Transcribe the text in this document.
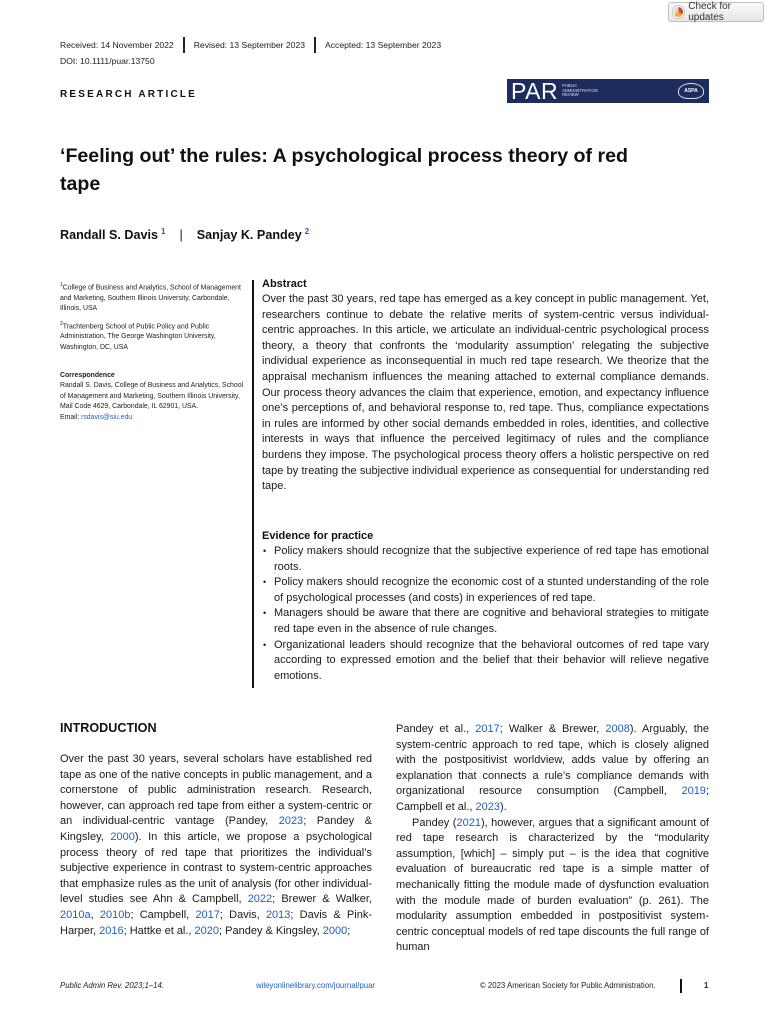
Check for updates
Received: 14 November 2022 Revised: 13 September 2023 Accepted: 13 September 2023
DOI: 10.1111/puar.13750
RESEARCH ARTICLE	PAR PUBLIC ADMINISTRATION REVIEW
ASPA
‘Feeling out’ the rules: A psychological process theory of red tape
Randall S. Davis $^1$ | Sanjay K. Pandey $^2$

$^1$College of Business and Analytics, School of Management and Marketing, Southern Illinois University, Carbondale, Illinois, USA

$^2$Trachtenberg School of Public Policy and Public Administration, The George Washington University, Washington, DC, USA

Correspondence
Randall S. Davis, College of Business and Analytics, School of Management and Marketing, Southern Illinois University, Mail Code 4629, Carbondale, IL 62901, USA.
Email: rsdavis@siu.edu
Abstract
Over the past 30 years, red tape has emerged as a key concept in public management. Yet, researchers continue to debate the relative merits of system-centric versus individual-centric approaches. In this article, we articulate an individual-centric psychological process theory, a theory that confronts the ‘modularity assumption’ relegating the subjective individual experience as inconsequential in much red tape research. We theorize that the appraisal mechanism influences the meaning attached to external compliance demands. Our process theory advances the claim that experience, emotion, and expectancy influence one’s perceptions of, and behavioral response to, red tape. Thus, compliance expectations in rules are informed by other social demands embedded in roles, identities, and collective interests in ways that influence the perceived legitimacy of rules and the compliance burdens they impose. The psychological process theory offers a holistic perspective on red tape by treating the subjective individual experience as consequential for understanding red tape.
Evidence for practice
• Policy makers should recognize that the subjective experience of red tape has emotional roots.
• Policy makers should recognize the economic cost of a stunted understanding of the role of psychological processes (and costs) in experiences of red tape.
• Managers should be aware that there are cognitive and behavioral strategies to mitigate red tape even in the absence of rule changes.
• Organizational leaders should recognize that the behavioral outcomes of red tape vary according to expressed emotion and the belief that their behavior will relieve negative emotions.
INTRODUCTION
Over the past 30 years, several scholars have established red tape as one of the native concepts in public management, and a cornerstone of public administration research. Research, however, can approach red tape from either a system-centric or an individual-centric vantage (Pandey, 2023; Pandey & Kingsley, 2000). In this article, we propose a psychological process theory of red tape that prioritizes the individual’s subjective experience in contrast to system-centric approaches that emphasize rules as the unit of analysis (for other individual-level studies see Ahn & Campbell, 2022; Brewer & Walker, 2010a, 2010b; Campbell, 2017; Davis, 2013; Davis & Pink-Harper, 2016; Hattke et al., 2020; Pandey & Kingsley, 2000;

Pandey et al., 2017; Walker & Brewer, 2008). Arguably, the system-centric approach to red tape, which is closely aligned with the postpositivist worldview, adds value by offering an explanation that connects a rule’s compliance demands with organizational resource consumption (Campbell, 2019; Campbell et al., 2023).

Pandey (2021), however, argues that a significant amount of red tape research is characterized by the “modularity assumption, [which] – simply put – is the idea that cognitive evaluation of bureaucratic red tape is a simple matter of mechanically fitting the module made of dysfunction evaluation with the module made of burden evaluation” (p. 261). The modularity assumption embedded in postpositivist system-centric conceptual models of red tape discounts the full range of human

Public Admin Rev. 2023;1–14.	wileyonlinelibrary.com/journal/puar	© 2023 American Society for Public Administration.	1
